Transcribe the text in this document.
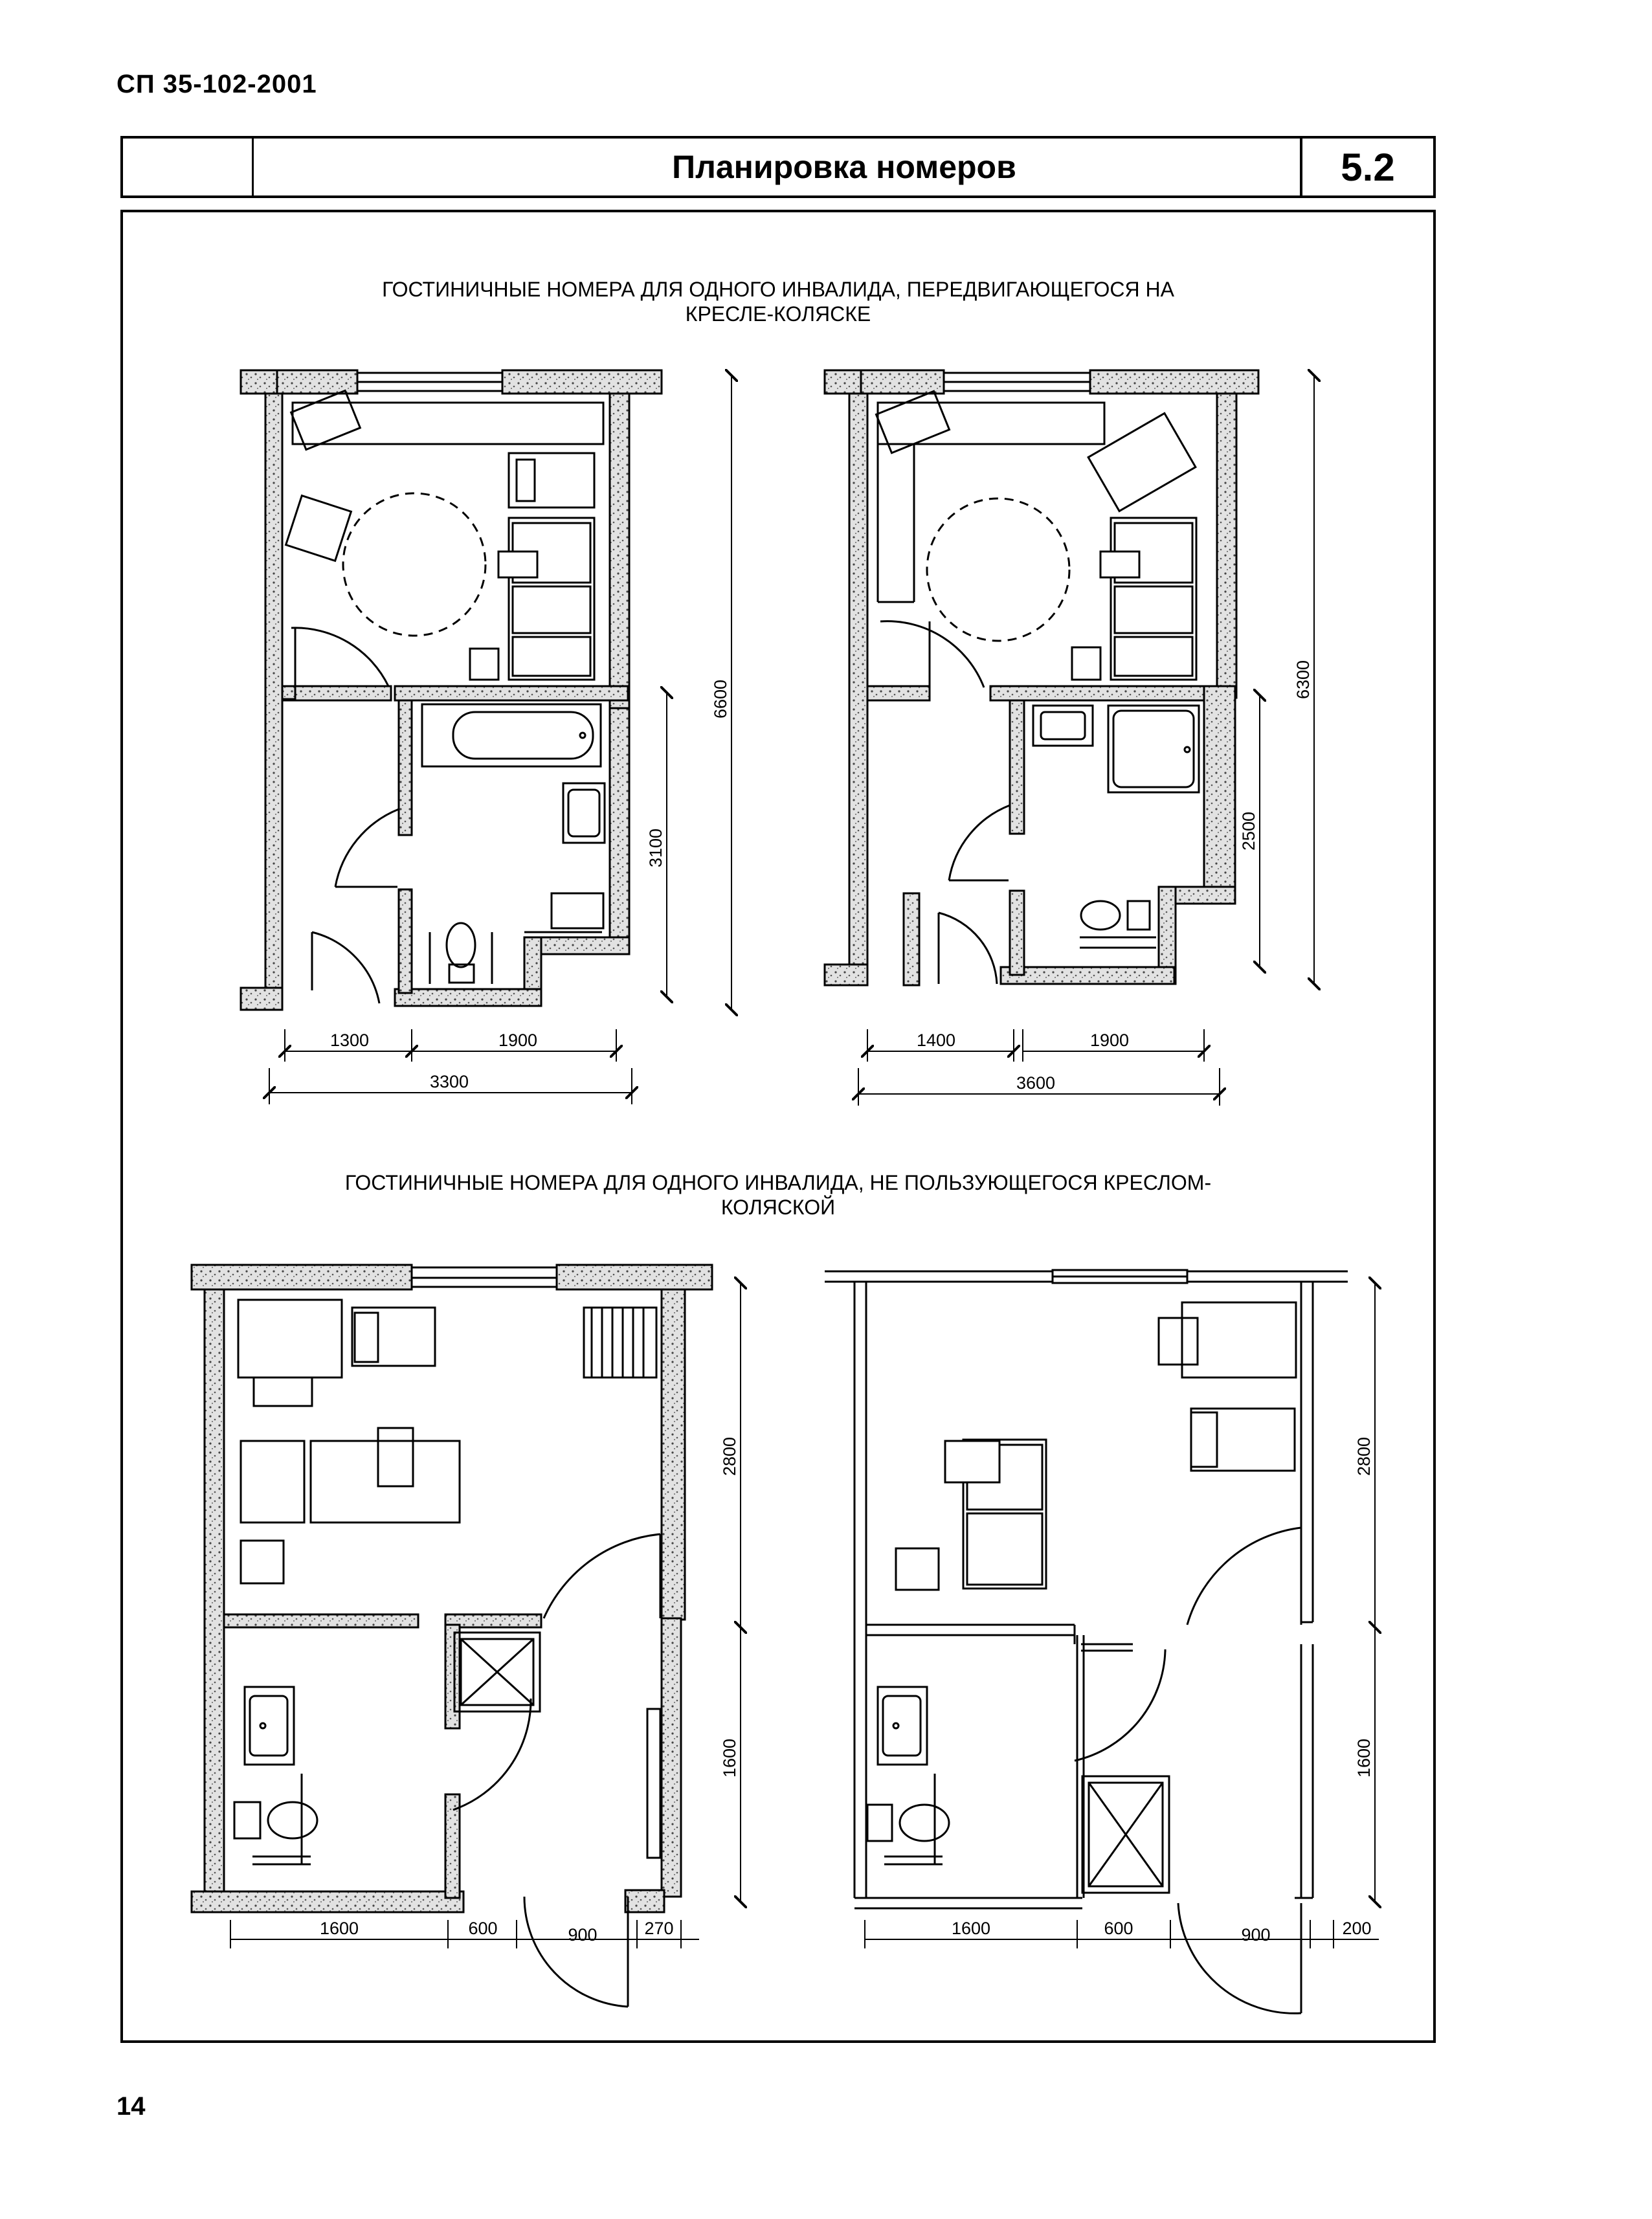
СП 35-102-2001
Планировка номеров	5.2
ГОСТИНИЧНЫЕ НОМЕРА ДЛЯ ОДНОГО ИНВАЛИДА, ПЕРЕДВИГАЮЩЕГОСЯ НА
КРЕСЛЕ-КОЛЯСКЕ
ГОСТИНИЧНЫЕ НОМЕРА ДЛЯ ОДНОГО ИНВАЛИДА, НЕ ПОЛЬЗУЮЩЕГОСЯ КРЕСЛОМ-
КОЛЯСКОЙ
6600
3100
1300	1900
3300
6300
2500
1400	1900
3600
2800
1600
1600	600	900	270
2800
1600
1600	600	900	200
14
